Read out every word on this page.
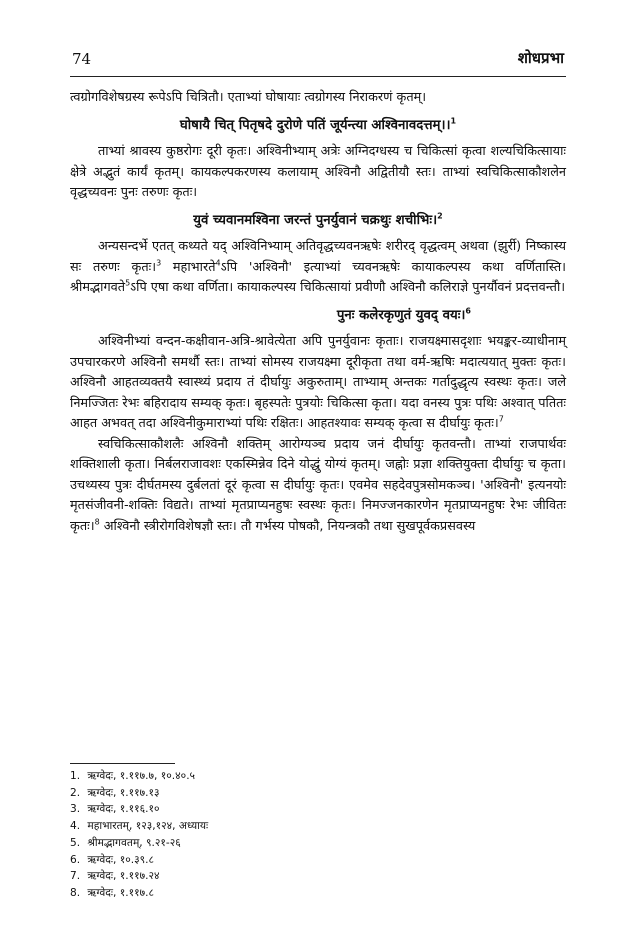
74	शोधप्रभा

त्वग्रोगविशेषग्रस्य रूपेऽपि चित्रितौ। एताभ्यां घोषायाः त्वग्रोगस्य निराकरणं कृतम्।

घोषायै चित् पितृषदे दुरोणे पतिं जूर्यन्त्या अश्विनावदत्तम्।।$^1$

ताभ्यां श्रावस्य कुष्ठरोगः दूरी कृतः। अश्विनीभ्याम् अत्रेः अग्निदग्धस्य च चिकित्सां कृत्वा शल्यचिकित्सायाः क्षेत्रे अद्भुतं कार्यं कृतम्। कायकल्पकरणस्य कलायाम् अश्विनौ अद्वितीयौ स्तः। ताभ्यां स्वचिकित्साकौशलेन वृद्धच्यवनः पुनः तरुणः कृतः।

युवं च्यवानमश्विना जरन्तं पुनर्युवानं चक्रथुः शचीभिः।$^2$

अन्यसन्दर्भे एतत् कथ्यते यद् अश्विनिभ्याम् अतिवृद्धच्यवनऋषेः शरीरद् वृद्धत्वम् अथवा (झुर्री) निष्कास्य सः तरुणः कृतः।$^3$ महाभारते$^4$ऽपि 'अश्विनौ' इत्याभ्यां च्यवनऋषेः कायाकल्पस्य कथा वर्णितास्ति। श्रीमद्भागवते$^5$ऽपि एषा कथा वर्णिता। कायाकल्पस्य चिकित्सायां प्रवीणौ अश्विनौ कलिराज्ञे पुनर्यौवनं प्रदत्तवन्तौ।

पुनः कलेरकृणुतं युवद् वयः।$^6$

अश्विनीभ्यां वन्दन-कक्षीवान-अत्रि-श्रावेत्येता अपि पुनर्युवानः कृताः। राजयक्ष्मासदृशाः भयङ्कर-व्याधीनाम् उपचारकरणे अश्विनौ समर्थौ स्तः। ताभ्यां सोमस्य राजयक्ष्मा दूरीकृता तथा वर्म-ऋषिः मदात्ययात् मुक्तः कृतः। अश्विनौ आहतव्यक्तयै स्वास्थ्यं प्रदाय तं दीर्घायुः अकुरुताम्। ताभ्याम् अन्तकः गर्तादुद्धृत्य स्वस्थः कृतः। जले निमज्जितः रेभः बहिरादाय सम्यक् कृतः। बृहस्पतेः पुत्रयोः चिकित्सा कृता। यदा वनस्य पुत्रः पथिः अश्वात् पतितः आहत अभवत् तदा अश्विनीकुमाराभ्यां पथिः रक्षितः। आहतश्यावः सम्यक् कृत्वा स दीर्घायुः कृतः।$^7$

स्वचिकित्साकौशलैः अश्विनौ शक्तिम् आरोग्यञ्च प्रदाय जनं दीर्घायुः कृतवन्तौ। ताभ्यां राजपार्थवः शक्तिशाली कृता। निर्बलराजावशः एकस्मिन्नेव दिने योद्धुं योग्यं कृतम्। जह्नोः प्रज्ञा शक्तियुक्ता दीर्घायुः च कृता। उचथ्यस्य पुत्रः दीर्घतमस्य दुर्बलतां दूरं कृत्वा स दीर्घायुः कृतः। एवमेव सहदेवपुत्रसोमकञ्च। 'अश्विनौ' इत्यनयोः मृतसंजीवनी-शक्तिः विद्यते। ताभ्यां मृतप्राप्यनहुषः स्वस्थः कृतः। निमज्जनकारणेन मृतप्राप्यनहुषः रेभः जीवितः कृतः।$^8$ अश्विनौ स्त्रीरोगविशेषज्ञौ स्तः। तौ गर्भस्य पोषकौ, नियन्त्रकौ तथा सुखपूर्वकप्रसवस्य

1. ऋग्वेदः, १.११७.७, १०.४०.५

2. ऋग्वेदः, १.११७.१३

3. ऋग्वेदः, १.११६.१०

4. महाभारतम्, १२३,१२४, अध्यायः

5. श्रीमद्भागवतम्, ९.२१-२६

6. ऋग्वेदः, १०.३९.८

7. ऋग्वेदः, १.११७.२४

8. ऋग्वेदः, १.११७.८
